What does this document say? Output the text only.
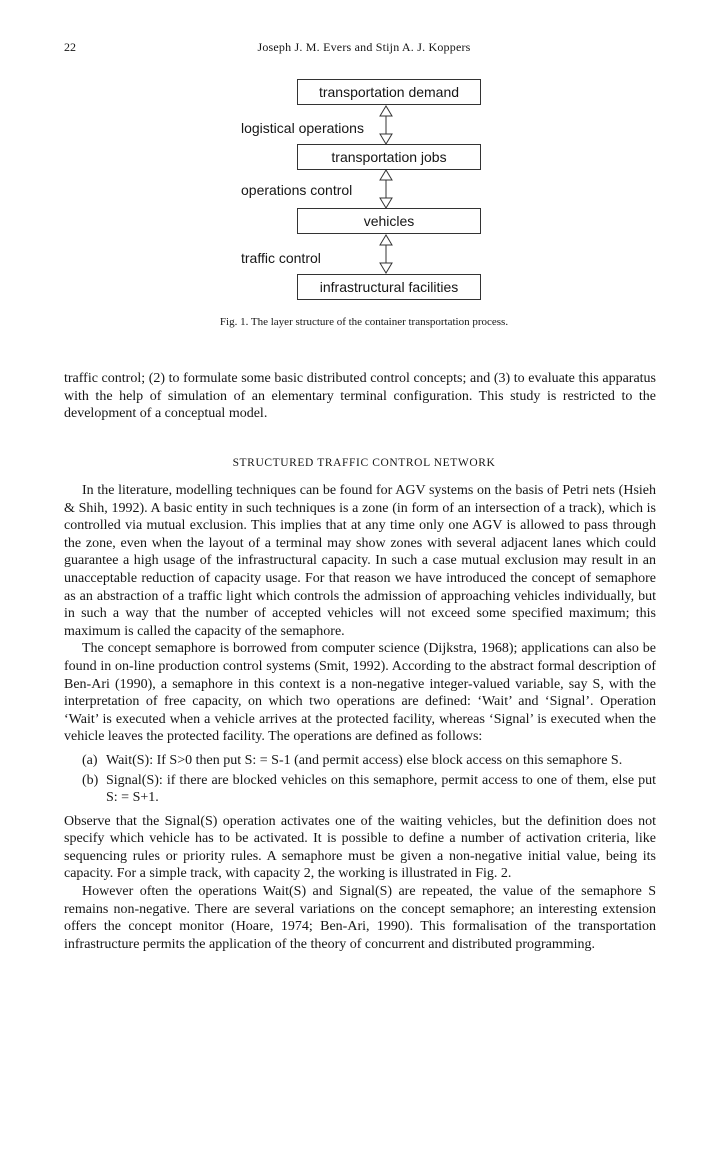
22	Joseph J. M. Evers and Stijn A. J. Koppers
transportation demand
transportation jobs
vehicles
infrastructural facilities
logistical operations
operations control
traffic control
Fig. 1. The layer structure of the container transportation process.

traffic control; (2) to formulate some basic distributed control concepts; and (3) to evaluate this apparatus with the help of simulation of an elementary terminal configuration. This study is restricted to the development of a conceptual model.

STRUCTURED TRAFFIC CONTROL NETWORK

In the literature, modelling techniques can be found for AGV systems on the basis of Petri nets (Hsieh & Shih, 1992). A basic entity in such techniques is a zone (in form of an intersection of a track), which is controlled via mutual exclusion. This implies that at any time only one AGV is allowed to pass through the zone, even when the layout of a terminal may show zones with several adjacent lanes which could guarantee a high usage of the infrastructural capacity. In such a case mutual exclusion may result in an unacceptable reduction of capacity usage. For that reason we have introduced the concept of semaphore as an abstraction of a traffic light which controls the admission of approaching vehicles individually, but in such a way that the number of accepted vehicles will not exceed some specified maximum; this maximum is called the capacity of the semaphore.

The concept semaphore is borrowed from computer science (Dijkstra, 1968); applications can also be found in on-line production control systems (Smit, 1992). According to the abstract formal description of Ben-Ari (1990), a semaphore in this context is a non-negative integer-valued variable, say S, with the interpretation of free capacity, on which two operations are defined: ‘Wait’ and ‘Signal’. Operation ‘Wait’ is executed when a vehicle arrives at the protected facility, whereas ‘Signal’ is executed when the vehicle leaves the protected facility. The operations are defined as follows:

(a) Wait(S): If S>0 then put S: = S-1 (and permit access) else block access on this semaphore S.
(b) Signal(S): if there are blocked vehicles on this semaphore, permit access to one of them, else put S: = S+1.

Observe that the Signal(S) operation activates one of the waiting vehicles, but the definition does not specify which vehicle has to be activated. It is possible to define a number of activation criteria, like sequencing rules or priority rules. A semaphore must be given a non-negative initial value, being its capacity. For a simple track, with capacity 2, the working is illustrated in Fig. 2.

However often the operations Wait(S) and Signal(S) are repeated, the value of the semaphore S remains non-negative. There are several variations on the concept semaphore; an interesting extension offers the concept monitor (Hoare, 1974; Ben-Ari, 1990). This formalisation of the transportation infrastructure permits the application of the theory of concurrent and distributed programming.
